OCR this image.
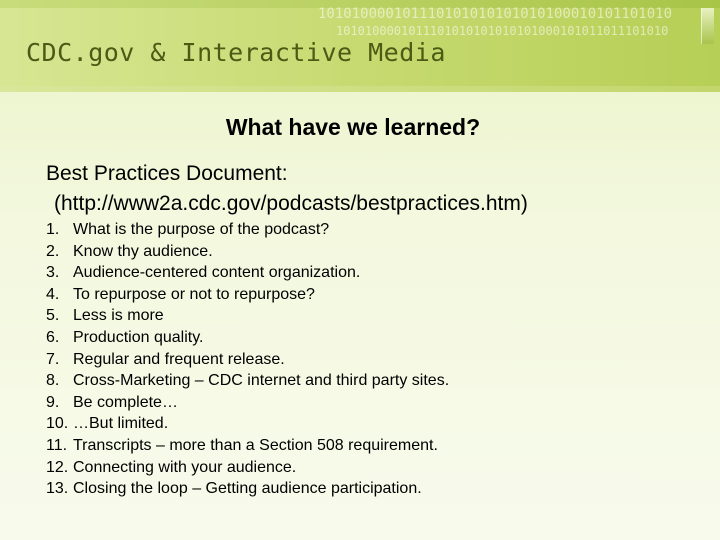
101010000101110101010101010100010101101010
1010100001011101010101010101000101011011101010
CDC.gov & Interactive Media
What have we learned?
Best Practices Document:
(http://www2a.cdc.gov/podcasts/bestpractices.htm)
1. What is the purpose of the podcast?
2. Know thy audience.
3. Audience-centered content organization.
4. To repurpose or not to repurpose?
5. Less is more
6. Production quality.
7. Regular and frequent release.
8. Cross-Marketing – CDC internet and third party sites.
9. Be complete…
10. …But limited.
11. Transcripts – more than a Section 508 requirement.
12. Connecting with your audience.
13. Closing the loop – Getting audience participation.
